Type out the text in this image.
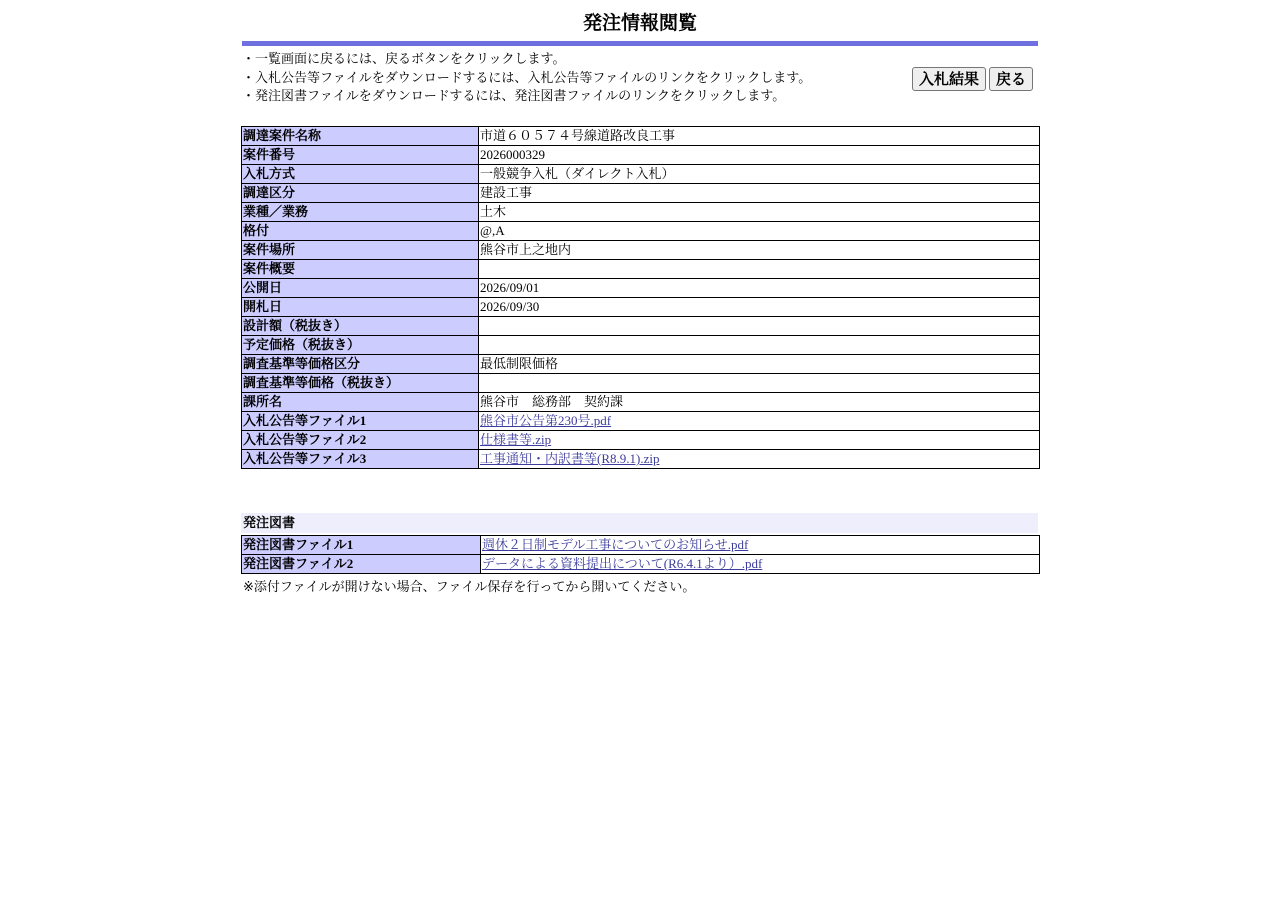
発注情報閲覧
・一覧画面に戻るには、戻るボタンをクリックします。
・入札公告等ファイルをダウンロードするには、入札公告等ファイルのリンクをクリックします。
・発注図書ファイルをダウンロードするには、発注図書ファイルのリンクをクリックします。
入札結果	戻る
調達案件名称	市道６０５７４号線道路改良工事
案件番号	2026000329
入札方式	一般競争入札（ダイレクト入札）
調達区分	建設工事
業種／業務	土木
格付	@,A
案件場所	熊谷市上之地内
案件概要	
公開日	2026/09/01
開札日	2026/09/30
設計額（税抜き）	
予定価格（税抜き）	
調査基準等価格区分	最低制限価格
調査基準等価格（税抜き）	
課所名	熊谷市　総務部　契約課
入札公告等ファイル1	熊谷市公告第230号.pdf
入札公告等ファイル2	仕様書等.zip
入札公告等ファイル3	工事通知・内訳書等(R8.9.1).zip
発注図書
発注図書ファイル1	週休２日制モデル工事についてのお知らせ.pdf
発注図書ファイル2	データによる資料提出について(R6.4.1より）.pdf
※添付ファイルが開けない場合、ファイル保存を行ってから開いてください。
